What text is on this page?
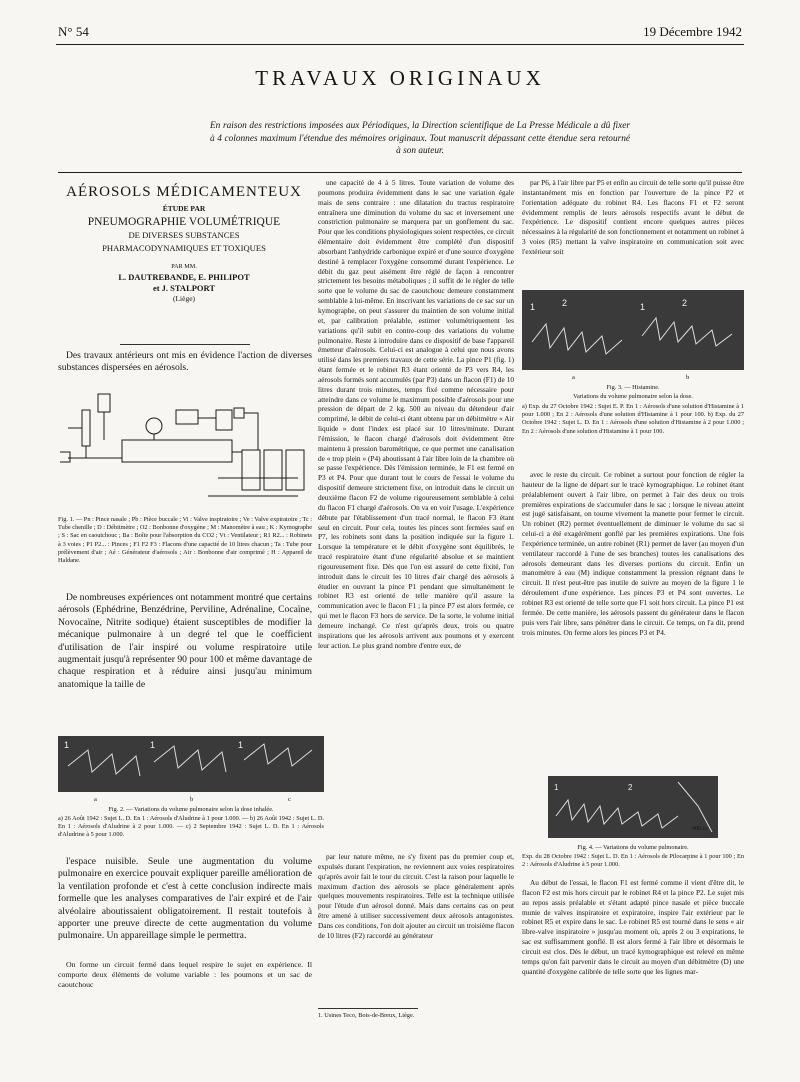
N° 54	19 Décembre 1942
TRAVAUX ORIGINAUX
En raison des restrictions imposées aux Périodiques, la Direction scientifique de La Presse Médicale a dû fixer à 4 colonnes maximum l'étendue des mémoires originaux. Tout manuscrit dépassant cette étendue sera retourné à son auteur.
AÉROSOLS MÉDICAMENTEUX
ÉTUDE PAR
PNEUMOGRAPHIE VOLUMÉTRIQUE
DE DIVERSES SUBSTANCES
PHARMACODYNAMIQUES ET TOXIQUES
PAR MM.
L. DAUTREBANDE, E. PHILIPOT
et J. STALPORT
(Liège)

Des travaux antérieurs ont mis en évidence l'action de diverses substances dispersées en aérosols.

Fig. 1. — Pn : Pince nasale ; Pb : Pièce buccale ; Vi : Valve inspiratoire ; Ve : Valve expiratoire ; Tc : Tube chenille ; D : Débitmètre ; O2 : Bonbonne d'oxygène ; M : Manomètre à eau ; K : Kymographe ; S : Sac en caoutchouc ; Ba : Boîte pour l'absorption du CO2 ; Vt : Ventilateur ; R1 R2... : Robinets à 3 voies ; P1 P2... : Pinces ; F1 F2 F3 : Flacons d'une capacité de 10 litres chacun ; Ta : Tube pour prélèvement d'air ; Aé : Générateur d'aérosols ; Air : Bonbonne d'air comprimé ; H : Appareil de Haldane.

De nombreuses expériences ont notamment montré que certains aérosols (Ephédrine, Benzédrine, Perviline, Adrénaline, Cocaïne, Novocaïne, Nitrite sodique) étaient susceptibles de modifier la mécanique pulmonaire à un degré tel que le coefficient d'utilisation de l'air inspiré ou volume respiratoire utile augmentait jusqu'à représenter 90 pour 100 et même davantage de chaque respiration et à réduire ainsi jusqu'au minimum anatomique la taille de

une capacité de 4 à 5 litres. Toute variation de volume des poumons produira évidemment dans le sac une variation égale mais de sens contraire : une dilatation du tractus respiratoire entraînera une diminution du volume du sac et inversement une constriction pulmonaire se marquera par un gonflement du sac. Pour que les conditions physiologiques soient respectées, ce circuit élémentaire doit évidemment être complété d'un dispositif absorbant l'anhydride carbonique expiré et d'une source d'oxygène destiné à remplacer l'oxygène consommé durant l'expérience. Le débit du gaz peut aisément être réglé de façon à rencontrer strictement les besoins métaboliques ; il suffit de le régler de telle sorte que le volume du sac de caoutchouc demeure constamment semblable à lui-même. En inscrivant les variations de ce sac sur un kymographe, on peut s'assurer du maintien de son volume initial et, par calibration préalable, estimer volumétriquement les variations qu'il subit en contre-coup des variations du volume pulmonaire. Reste à introduire dans ce dispositif de base l'appareil émetteur d'aérosols. Celui-ci est analogue à celui que nous avons utilisé dans les premiers travaux de cette série. La pince P1 (fig. 1) étant fermée et le robinet R3 étant orienté de P3 vers R4, les aérosols formés sont accumulés (par P3) dans un flacon (F1) de 10 litres durant trois minutes, temps fixé comme nécessaire pour atteindre dans ce volume le maximum possible d'aérosols pour une pression de départ de 2 kg. 500 au niveau du détendeur d'air comprimé, le débit de celui-ci étant obtenu par un débitmètre « Air liquide » dont l'index est placé sur 10 litres/minute. Durant l'émission, le flacon chargé d'aérosols doit évidemment être maintenu à pression barométrique, ce que permet une canalisation de « trop plein » (P4) aboutissant à l'air libre loin de la chambre où se passe l'expérience. Dès l'émission terminée, le F1 est fermé en P3 et P4. Pour que durant tout le cours de l'essai le volume du dispositif demeure strictement fixe, on introduit dans le circuit un deuxième flacon F2 de volume rigoureusement semblable à celui du flacon F1 chargé d'aérosols. On va en voir l'usage. L'expérience débute par l'établissement d'un tracé normal, le flacon F3 étant seul en circuit. Pour cela, toutes les pinces sont fermées sauf en P7, les robinets sont dans la position indiquée sur la figure 1. Lorsque la température et le débit d'oxygène sont équilibrés, le tracé respiratoire étant d'une régularité absolue et se maintient rigoureusement fixe. Dès que l'on est assuré de cette fixité, l'on introduit dans le circuit les 10 litres d'air chargé des aérosols à étudier en ouvrant la pince P1 pendant que simultanément le robinet R3 est orienté de telle manière qu'il assure la communication avec le flacon F1 ; la pince P7 est alors fermée, ce qui met le flacon F3 hors de service. De la sorte, le volume initial demeure inchangé. Ce n'est qu'après deux, trois ou quatre inspirations que les aérosols arrivent aux poumons et y exercent leur action. Le plus grand nombre d'entre eux, de

1	1	1
a	b	c

Fig. 2. — Variations du volume pulmonaire selon la dose inhalée.

a) 26 Août 1942 : Sujet L. D. En 1 : Aérosols d'Aludrine à 1 pour 1.000. — b) 26 Août 1942 : Sujet L. D. En 1 : Aérosols d'Aludrine à 2 pour 1.000. — c) 2 Septembre 1942 : Sujet L. D. En 1 : Aérosols d'Aludrine à 5 pour 1.000.

l'espace nuisible. Seule une augmentation du volume pulmonaire en exercice pouvait expliquer pareille amélioration de la ventilation profonde et c'est à cette conclusion indirecte mais formelle que les analyses comparatives de l'air expiré et de l'air alvéolaire aboutissaient obligatoirement. Il restait toutefois à apporter une preuve directe de cette augmentation du volume pulmonaire. Un appareillage simple le permettra.

On forme un circuit fermé dans lequel respire le sujet en expérience. Il comporte deux éléments de volume variable : les poumons et un sac de caoutchouc

par leur nature même, ne s'y fixent pas du premier coup et, expulsés durant l'expiration, ne reviennent aux voies respiratoires qu'après avoir fait le tour du circuit. C'est la raison pour laquelle le maximum d'action des aérosols se place généralement après quelques mouvements respiratoires. Telle est la technique utilisée pour l'étude d'un aérosol donné. Mais dans certains cas on peut être amené à utiliser successivement deux aérosols antagonistes. Dans ces conditions, l'on doit ajouter au circuit un troisième flacon de 10 litres (F2) raccordé au générateur

1. Usines Teco, Bois-de-Breux, Liège.

par P6, à l'air libre par P5 et enfin au circuit de telle sorte qu'il puisse être instantanément mis en fonction par l'ouverture de la pince P2 et l'orientation adéquate du robinet R4. Les flacons F1 et F2 seront évidemment remplis de leurs aérosols respectifs avant le début de l'expérience. Le dispositif contient encore quelques autres pièces nécessaires à la régularité de son fonctionnement et notamment un robinet à 3 voies (R5) mettant la valve inspiratoire en communication soit avec l'extérieur soit

1	2	1	2
a	b

Fig. 3. — Histamine.

Variations du volume pulmonaire selon la dose.

a) Exp. du 27 Octobre 1942 : Sujet E. P. En 1 : Aérosols d'une solution d'Histamine à 1 pour 1.000 ; En 2 : Aérosols d'une solution d'Histamine à 1 pour 100. b) Exp. du 27 Octobre 1942 : Sujet L. D. En 1 : Aérosols d'une solution d'Histamine à 2 pour 1.000 ; En 2 : Aérosols d'une solution d'Histamine à 1 pour 100.

avec le reste du circuit. Ce robinet a surtout pour fonction de régler la hauteur de la ligne de départ sur le tracé kymographique. Le robinet étant préalablement ouvert à l'air libre, on permet à l'air des deux ou trois premières expirations de s'accumuler dans le sac ; lorsque le niveau atteint est jugé satisfaisant, on tourne vivement la manette pour fermer le circuit. Un robinet (R2) permet éventuellement de diminuer le volume du sac si celui-ci a été exagérément gonflé par les premières expirations. Une fois l'expérience terminée, un autre robinet (R1) permet de laver (au moyen d'un ventilateur raccordé à l'une de ses branches) toutes les canalisations des aérosols demeurant dans les diverses portions du circuit. Enfin un manomètre à eau (M) indique constamment la pression régnant dans le circuit. Il n'est peut-être pas inutile de suivre au moyen de la figure 1 le déroulement d'une expérience. Les pinces P3 et P4 sont ouvertes. Le robinet R3 est orienté de telle sorte que F1 soit hors circuit. La pince P1 est fermée. De cette manière, les aérosols passent du générateur dans le flacon puis vers l'air libre, sans pénétrer dans le circuit. Ce temps, on l'a dit, prend trois minutes. On ferme alors les pinces P3 et P4.

1	2
400 cc

Fig. 4. — Variations du volume pulmonaire.

Exp. du 28 Octobre 1942 : Sujet L. D. En 1 : Aérosols de Pilocarpine à 1 pour 100 ; En 2 : Aérosols d'Aludrine à 5 pour 1.000.

Au début de l'essai, le flacon F1 est fermé comme il vient d'être dit, le flacon F2 est mis hors circuit par le robinet R4 et la pince P2. Le sujet mis au repos assis préalable et s'étant adapté pince nasale et pièce buccale munie de valves inspiratoire et expiratoire, inspire l'air extérieur par le robinet R5 et expire dans le sac. Le robinet R5 est tourné dans le sens « air libre-valve inspiratoire » jusqu'au moment où, après 2 ou 3 expirations, le sac est suffisamment gonflé. Il est alors fermé à l'air libre et désormais le circuit est clos. Dès le début, un tracé kymographique est relevé en même temps qu'on fait parvenir dans le circuit au moyen d'un débitmètre (D) une quantité d'oxygène calibrée de telle sorte que les lignes mar-
